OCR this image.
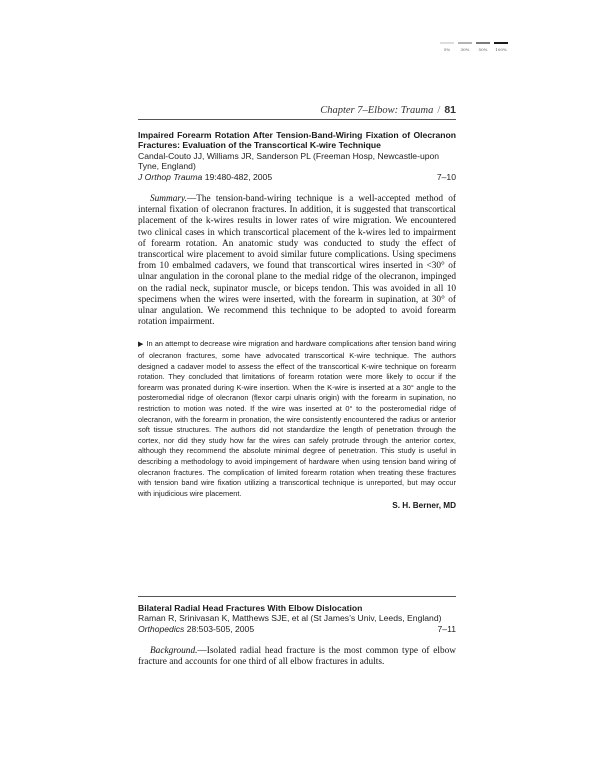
5%	30% 50% 100%
Chapter 7–Elbow: Trauma / 81

Impaired Forearm Rotation After Tension-Band-Wiring Fixation of Olecranon Fractures: Evaluation of the Transcortical K-wire Technique

Candal-Couto JJ, Williams JR, Sanderson PL (Freeman Hosp, Newcastle-upon Tyne, England)
J Orthop Trauma 19:480-482, 2005	7–10

Summary.—The tension-band-wiring technique is a well-accepted method of internal fixation of olecranon fractures. In addition, it is suggested that transcortical placement of the k-wires results in lower rates of wire migration. We encountered two clinical cases in which transcortical placement of the k-wires led to impairment of forearm rotation. An anatomic study was conducted to study the effect of transcortical wire placement to avoid similar future complications. Using specimens from 10 embalmed cadavers, we found that transcortical wires inserted in <30° of ulnar angulation in the coronal plane to the medial ridge of the olecranon, impinged on the radial neck, supinator muscle, or biceps tendon. This was avoided in all 10 specimens when the wires were inserted, with the forearm in supination, at 30° of ulnar angulation. We recommend this technique to be adopted to avoid forearm rotation impairment.

▶ In an attempt to decrease wire migration and hardware complications after tension band wiring of olecranon fractures, some have advocated transcortical K-wire technique. The authors designed a cadaver model to assess the effect of the transcortical K-wire technique on forearm rotation. They concluded that limitations of forearm rotation were more likely to occur if the forearm was pronated during K-wire insertion. When the K-wire is inserted at a 30° angle to the posteromedial ridge of olecranon (flexor carpi ulnaris origin) with the forearm in supination, no restriction to motion was noted. If the wire was inserted at 0° to the posteromedial ridge of olecranon, with the forearm in pronation, the wire consistently encountered the radius or anterior soft tissue structures. The authors did not standardize the length of penetration through the cortex, nor did they study how far the wires can safely protrude through the anterior cortex, although they recommend the absolute minimal degree of penetration. This study is useful in describing a methodology to avoid impingement of hardware when using tension band wiring of olecranon fractures. The complication of limited forearm rotation when treating these fractures with tension band wire fixation utilizing a transcortical technique is unreported, but may occur with injudicious wire placement.

S. H. Berner, MD

Bilateral Radial Head Fractures With Elbow Dislocation

Raman R, Srinivasan K, Matthews SJE, et al (St James’s Univ, Leeds, England)
Orthopedics 28:503-505, 2005	7–11

Background.—Isolated radial head fracture is the most common type of elbow fracture and accounts for one third of all elbow fractures in adults.
